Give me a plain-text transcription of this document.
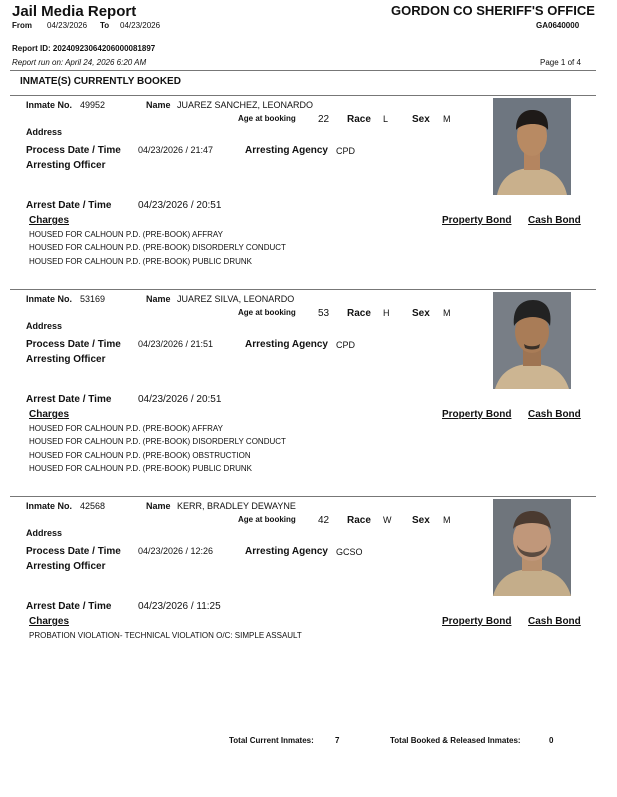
Jail Media Report	GORDON CO SHERIFF'S OFFICE
From 04/23/2026 To 04/23/2026	GA0640000
Report ID: 20240923064206000081897
Report run on: April 24, 2026 6:20 AM	Page 1 of 4
INMATE(S) CURRENTLY BOOKED
Inmate No. 49952	Name JUAREZ SANCHEZ, LEONARDO
Age at booking 22 Race L Sex M
Address
Process Date / Time 04/23/2026 / 21:47	Arresting Agency CPD
Arresting Officer
Arrest Date / Time	04/23/2026 / 20:51
Charges	Property Bond Cash Bond
HOUSED FOR CALHOUN P.D. (PRE-BOOK) AFFRAY
HOUSED FOR CALHOUN P.D. (PRE-BOOK) DISORDERLY CONDUCT
HOUSED FOR CALHOUN P.D. (PRE-BOOK) PUBLIC DRUNK
Inmate No. 53169	Name JUAREZ SILVA, LEONARDO
Age at booking 53 Race H Sex M
Address
Process Date / Time 04/23/2026 / 21:51	Arresting Agency CPD
Arresting Officer
Arrest Date / Time	04/23/2026 / 20:51
Charges	Property Bond Cash Bond
HOUSED FOR CALHOUN P.D. (PRE-BOOK) AFFRAY
HOUSED FOR CALHOUN P.D. (PRE-BOOK) DISORDERLY CONDUCT
HOUSED FOR CALHOUN P.D. (PRE-BOOK) OBSTRUCTION
HOUSED FOR CALHOUN P.D. (PRE-BOOK) PUBLIC DRUNK
Inmate No. 42568	Name KERR, BRADLEY DEWAYNE
Age at booking 42 Race W Sex M
Address
Process Date / Time 04/23/2026 / 12:26	Arresting Agency GCSO
Arresting Officer
Arrest Date / Time	04/23/2026 / 11:25
Charges	Property Bond Cash Bond
PROBATION VIOLATION- TECHNICAL VIOLATION O/C: SIMPLE ASSAULT
Total Current Inmates:	7	Total Booked & Released Inmates:	0
